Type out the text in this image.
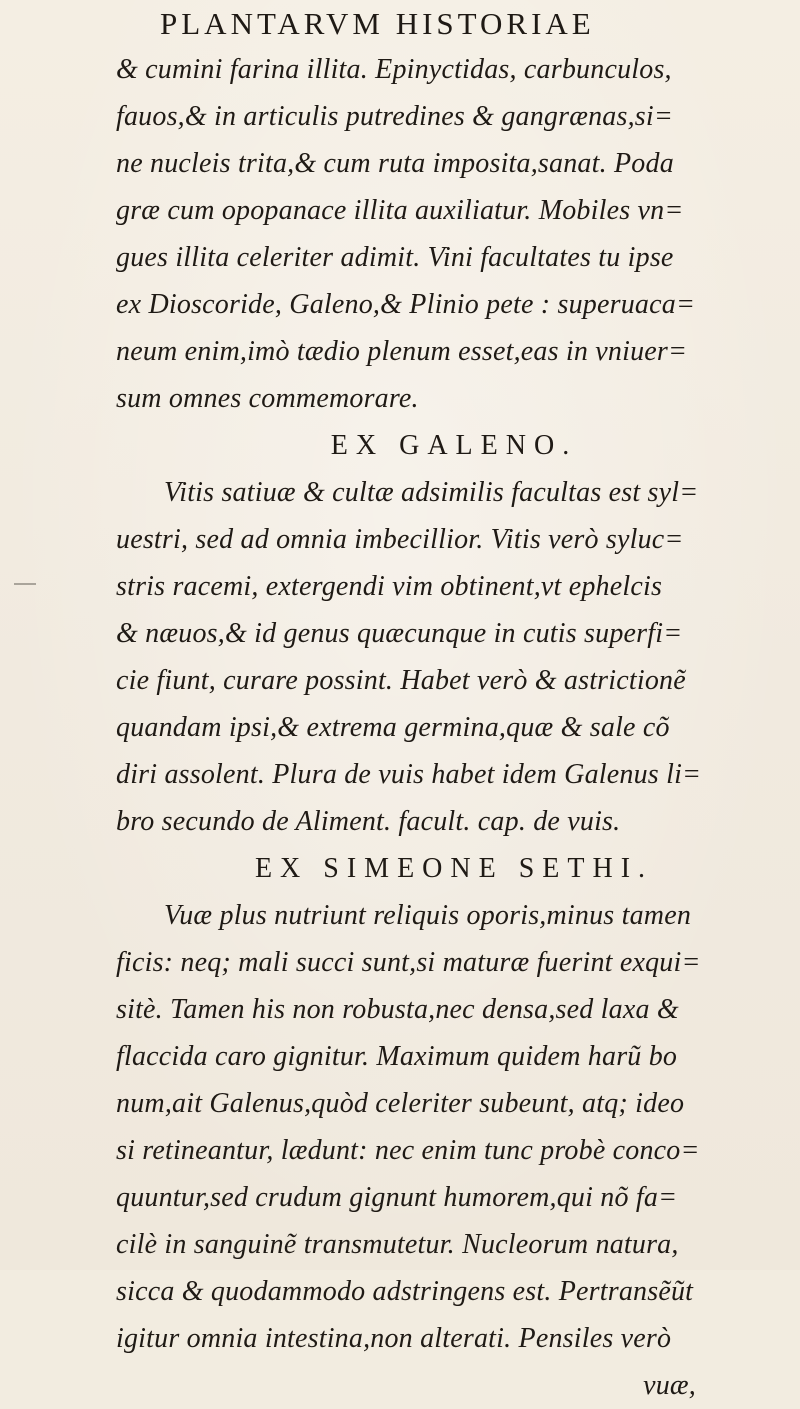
PLANTARVM HISTORIAE
& cumini farina illita. Epinyctidas, carbunculos,
fauos,& in articulis putredines & gangrænas,si=
ne nucleis trita,& cum ruta imposita,sanat. Poda
græ cum opopanace illita auxiliatur. Mobiles vn=
gues illita celeriter adimit. Vini facultates tu ipse
ex Dioscoride, Galeno,& Plinio pete : superuaca=
neum enim,imò tædio plenum esset,eas in vniuer=
sum omnes commemorare.
EX GALENO.
Vitis satiuæ & cultæ adsimilis facultas est syl=
uestri, sed ad omnia imbecillior. Vitis verò syluc=
stris racemi, extergendi vim obtinent,vt ephelcis
& næuos,& id genus quæcunque in cutis superfi=
cie fiunt, curare possint. Habet verò & astrictionẽ
quandam ipsi,& extrema germina,quæ & sale cõ
diri assolent. Plura de vuis habet idem Galenus li=
bro secundo de Aliment. facult. cap. de vuis.
EX SIMEONE SETHI.
Vuæ plus nutriunt reliquis oporis,minus tamen
ficis: neq; mali succi sunt,si maturæ fuerint exqui=
sitè. Tamen his non robusta,nec densa,sed laxa &
flaccida caro gignitur. Maximum quidem harũ bo
num,ait Galenus,quòd celeriter subeunt, atq; ideo
si retineantur, lædunt: nec enim tunc probè conco=
quuntur,sed crudum gignunt humorem,qui nõ fa=
cilè in sanguinẽ transmutetur. Nucleorum natura,
sicca & quodammodo adstringens est. Pertransẽũt
igitur omnia intestina,non alterati. Pensiles verò
vuæ,
